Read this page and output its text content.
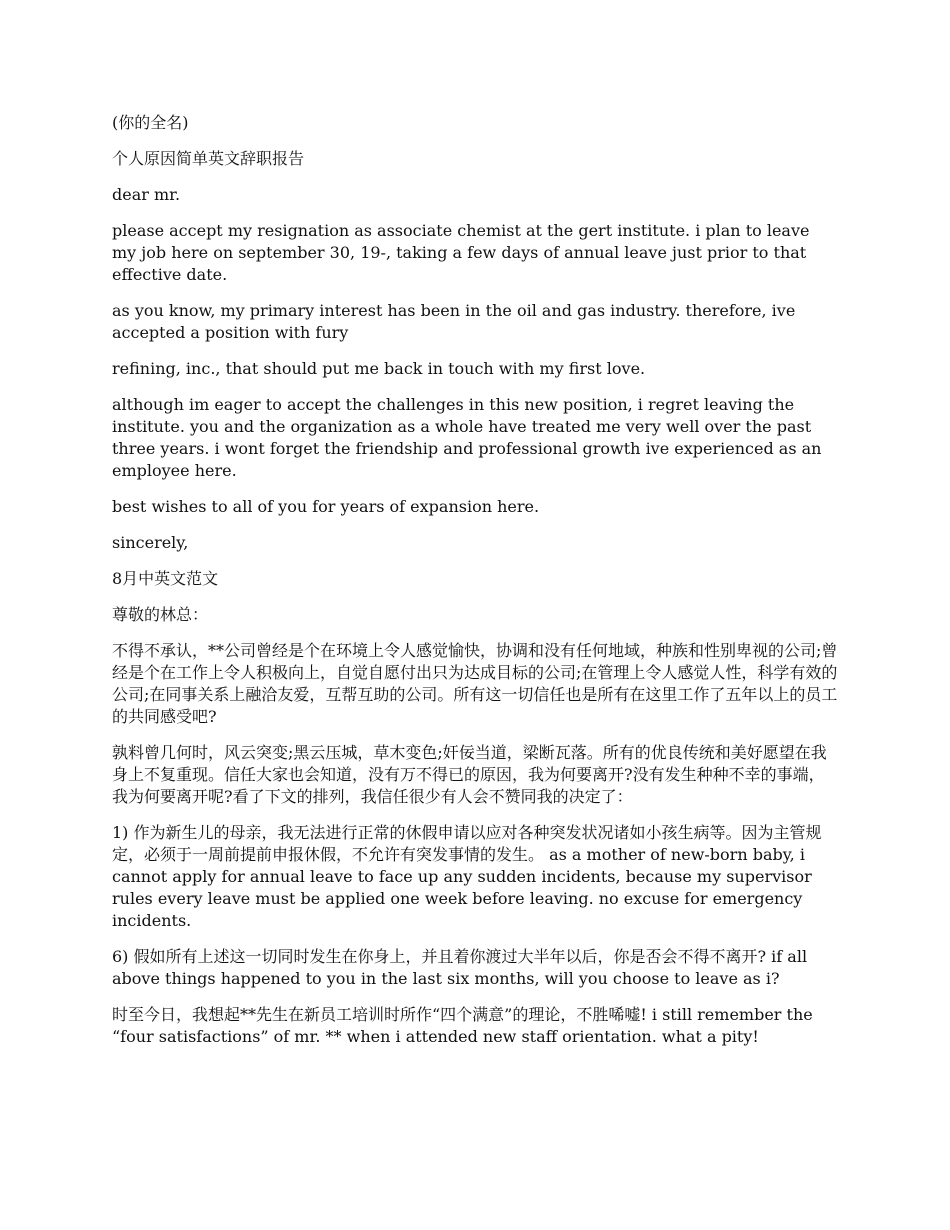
(你的全名)

个人原因简单英文辞职报告

dear mr.

please accept my resignation as associate chemist at the gert institute. i plan to leave my job here on september 30, 19-, taking a few days of annual leave just prior to that effective date.

as you know, my primary interest has been in the oil and gas industry. therefore, ive accepted a position with fury

refining, inc., that should put me back in touch with my first love.

although im eager to accept the challenges in this new position, i regret leaving the institute. you and the organization as a whole have treated me very well over the past three years. i wont forget the friendship and professional growth ive experienced as an employee here.

best wishes to all of you for years of expansion here.

sincerely,

8月中英文范文

尊敬的林总：

不得不承认，**公司曾经是个在环境上令人感觉愉快，协调和没有任何地域，种族和性别卑视的公司;曾经是个在工作上令人积极向上，自觉自愿付出只为达成目标的公司;在管理上令人感觉人性，科学有效的公司;在同事关系上融洽友爱，互帮互助的公司。所有这一切信任也是所有在这里工作了五年以上的员工的共同感受吧?

孰料曾几何时，风云突变;黑云压城，草木变色;奸佞当道，梁断瓦落。所有的优良传统和美好愿望在我身上不复重现。信任大家也会知道，没有万不得已的原因，我为何要离开?没有发生种种不幸的事端，我为何要离开呢?看了下文的排列，我信任很少有人会不赞同我的决定了：

1) 作为新生儿的母亲，我无法进行正常的休假申请以应对各种突发状况诸如小孩生病等。因为主管规定，必须于一周前提前申报休假，不允许有突发事情的发生。 as a mother of new-born baby, i cannot apply for annual leave to face up any sudden incidents, because my supervisor rules every leave must be applied one week before leaving. no excuse for emergency incidents.

6) 假如所有上述这一切同时发生在你身上，并且着你渡过大半年以后，你是否会不得不离开? if all above things happened to you in the last six months, will you choose to leave as i?

时至今日，我想起**先生在新员工培训时所作“四个满意”的理论，不胜唏嘘! i still remember the “four satisfactions” of mr. ** when i attended new staff orientation. what a pity!
